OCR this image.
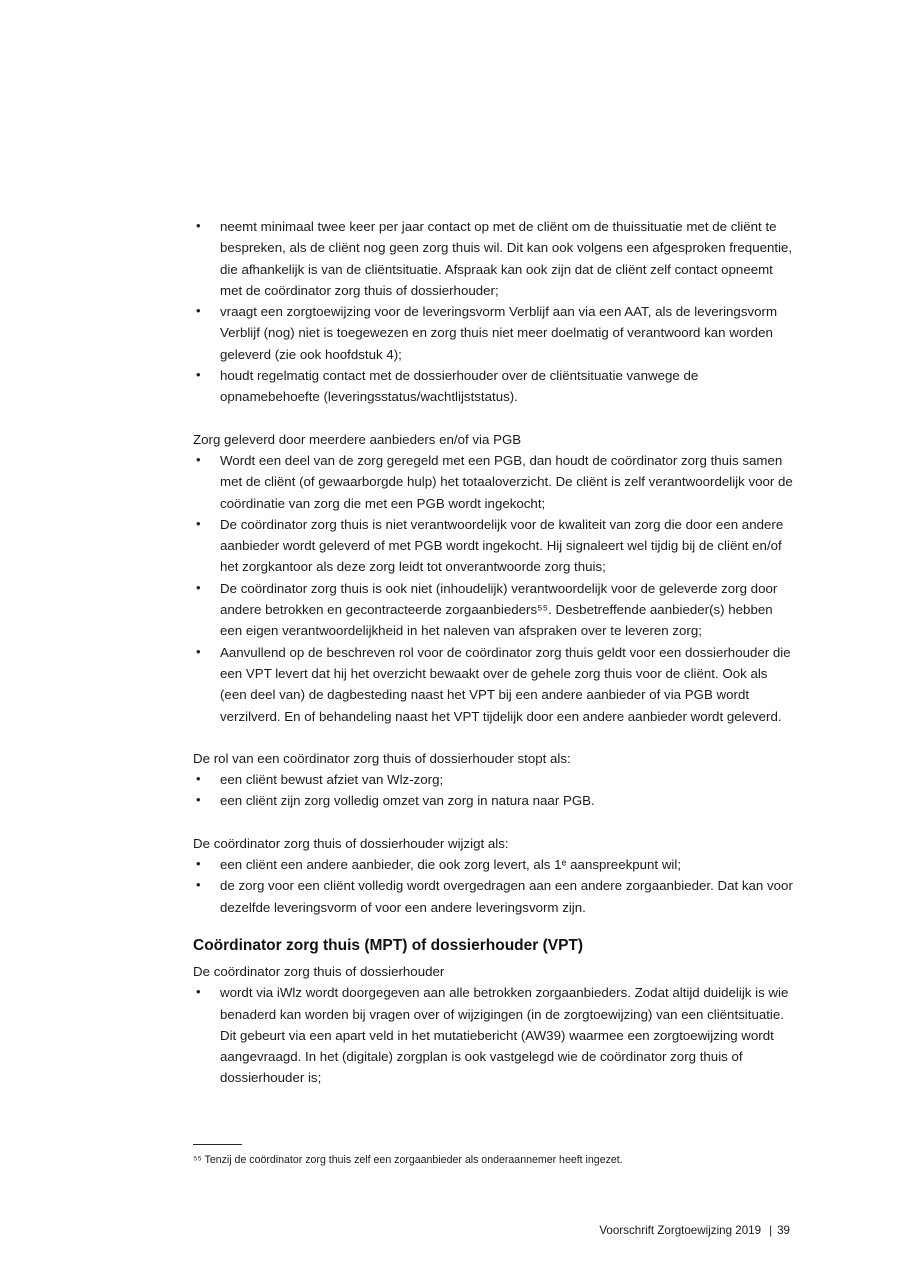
• neemt minimaal twee keer per jaar contact op met de cliënt om de thuissituatie met de cliënt te bespreken, als de cliënt nog geen zorg thuis wil. Dit kan ook volgens een afgesproken frequentie, die afhankelijk is van de cliëntsituatie. Afspraak kan ook zijn dat de cliënt zelf contact opneemt met de coördinator zorg thuis of dossierhouder;
• vraagt een zorgtoewijzing voor de leveringsvorm Verblijf aan via een AAT, als de leveringsvorm Verblijf (nog) niet is toegewezen en zorg thuis niet meer doelmatig of verantwoord kan worden geleverd (zie ook hoofdstuk 4);
• houdt regelmatig contact met de dossierhouder over de cliëntsituatie vanwege de opnamebehoefte (leveringsstatus/wachtlijststatus).
Zorg geleverd door meerdere aanbieders en/of via PGB
• Wordt een deel van de zorg geregeld met een PGB, dan houdt de coördinator zorg thuis samen met de cliënt (of gewaarborgde hulp) het totaaloverzicht. De cliënt is zelf verantwoordelijk voor de coördinatie van zorg die met een PGB wordt ingekocht;
• De coördinator zorg thuis is niet verantwoordelijk voor de kwaliteit van zorg die door een andere aanbieder wordt geleverd of met PGB wordt ingekocht. Hij signaleert wel tijdig bij de cliënt en/of het zorgkantoor als deze zorg leidt tot onverantwoorde zorg thuis;
• De coördinator zorg thuis is ook niet (inhoudelijk) verantwoordelijk voor de geleverde zorg door andere betrokken en gecontracteerde zorgaanbieders⁵⁵. Desbetreffende aanbieder(s) hebben een eigen verantwoordelijkheid in het naleven van afspraken over te leveren zorg;
• Aanvullend op de beschreven rol voor de coördinator zorg thuis geldt voor een dossierhouder die een VPT levert dat hij het overzicht bewaakt over de gehele zorg thuis voor de cliënt. Ook als (een deel van) de dagbesteding naast het VPT bij een andere aanbieder of via PGB wordt verzilverd. En of behandeling naast het VPT tijdelijk door een andere aanbieder wordt geleverd.
De rol van een coördinator zorg thuis of dossierhouder stopt als:
• een cliënt bewust afziet van Wlz-zorg;
• een cliënt zijn zorg volledig omzet van zorg in natura naar PGB.
De coördinator zorg thuis of dossierhouder wijzigt als:
• een cliënt een andere aanbieder, die ook zorg levert, als 1ᵉ aanspreekpunt wil;
• de zorg voor een cliënt volledig wordt overgedragen aan een andere zorgaanbieder. Dat kan voor dezelfde leveringsvorm of voor een andere leveringsvorm zijn.
Coördinator zorg thuis (MPT) of dossierhouder (VPT)
De coördinator zorg thuis of dossierhouder
• wordt via iWlz wordt doorgegeven aan alle betrokken zorgaanbieders. Zodat altijd duidelijk is wie benaderd kan worden bij vragen over of wijzigingen (in de zorgtoewijzing) van een cliëntsituatie. Dit gebeurt via een apart veld in het mutatiebericht (AW39) waarmee een zorgtoewijzing wordt aangevraagd. In het (digitale) zorgplan is ook vastgelegd wie de coördinator zorg thuis of dossierhouder is;
⁵⁵ Tenzij de coördinator zorg thuis zelf een zorgaanbieder als onderaannemer heeft ingezet.
Voorschrift Zorgtoewijzing 2019 | 39
